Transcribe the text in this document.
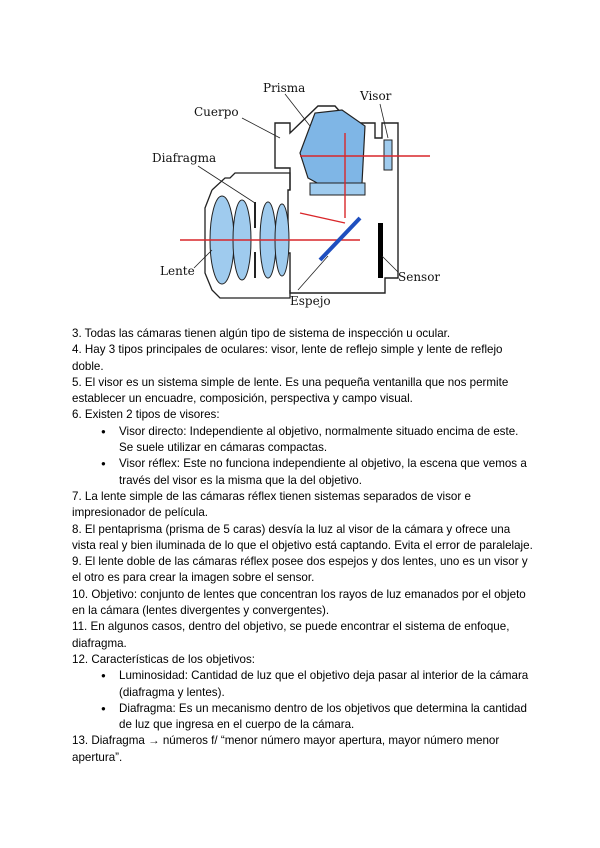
Prisma
Visor
Cuerpo
Diafragma
Lente	Sensor
Espejo

3. Todas las cámaras tienen algún tipo de sistema de inspección u ocular.

4. Hay 3 tipos principales de oculares: visor, lente de reflejo simple y lente de reflejo doble.

5. El visor es un sistema simple de lente. Es una pequeña ventanilla que nos permite establecer un encuadre, composición, perspectiva y campo visual.

6. Existen 2 tipos de visores:

● Visor directo: Independiente al objetivo, normalmente situado encima de este. Se suele utilizar en cámaras compactas.
● Visor réflex: Este no funciona independiente al objetivo, la escena que vemos a través del visor es la misma que la del objetivo.

7. La lente simple de las cámaras réflex tienen sistemas separados de visor e impresionador de película.

8. El pentaprisma (prisma de 5 caras) desvía la luz al visor de la cámara y ofrece una vista real y bien iluminada de lo que el objetivo está captando. Evita el error de paralelaje.

9. El lente doble de las cámaras réflex posee dos espejos y dos lentes, uno es un visor y el otro es para crear la imagen sobre el sensor.

10. Objetivo: conjunto de lentes que concentran los rayos de luz emanados por el objeto en la cámara (lentes divergentes y convergentes).

11. En algunos casos, dentro del objetivo, se puede encontrar el sistema de enfoque, diafragma.

12. Características de los objetivos:

● Luminosidad: Cantidad de luz que el objetivo deja pasar al interior de la cámara (diafragma y lentes).
● Diafragma: Es un mecanismo dentro de los objetivos que determina la cantidad de luz que ingresa en el cuerpo de la cámara.

13. Diafragma → números f/ “menor número mayor apertura, mayor número menor apertura”.
